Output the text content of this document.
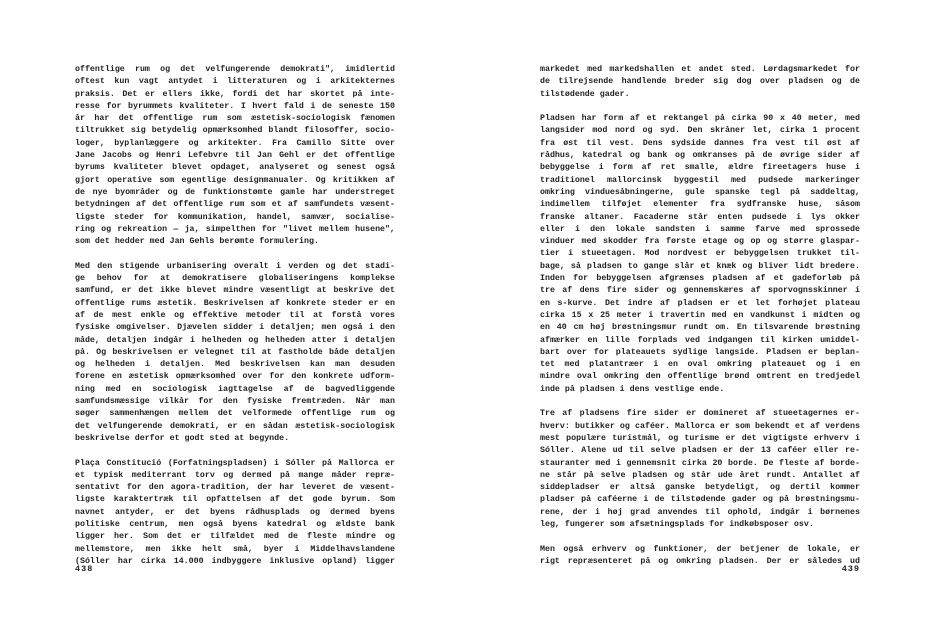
offentlige rum og det velfungerende demokrati", imidlertid
oftest kun vagt antydet i litteraturen og i arkitekternes
praksis. Det er ellers ikke, fordi det har skortet på inte-
resse for byrummets kvaliteter. I hvert fald i de seneste 150
år har det offentlige rum som æstetisk-sociologisk fænomen
tiltrukket sig betydelig opmærksomhed blandt filosoffer, socio-
loger, byplanlæggere og arkitekter. Fra Camillo Sitte over
Jane Jacobs og Henri Lefebvre til Jan Gehl er det offentlige
byrums kvaliteter blevet opdaget, analyseret og senest også
gjort operative som egentlige designmanualer. Og kritikken af
de nye byområder og de funktionstømte gamle har understreget
betydningen af det offentlige rum som et af samfundets væsent-
ligste steder for kommunikation, handel, samvær, socialise-
ring og rekreation — ja, simpelthen for "livet mellem husene",
som det hedder med Jan Gehls berømte formulering.

Med den stigende urbanisering overalt i verden og det stadi-
ge behov for at demokratisere globaliseringens komplekse
samfund, er det ikke blevet mindre væsentligt at beskrive det
offentlige rums æstetik. Beskrivelsen af konkrete steder er en
af de mest enkle og effektive metoder til at forstå vores
fysiske omgivelser. Djævelen sidder i detaljen; men også i den
måde, detaljen indgår i helheden og helheden atter i detaljen
på. Og beskrivelsen er velegnet til at fastholde både detaljen
og helheden i detaljen. Med beskrivelsen kan man desuden
forene en æstetisk opmærksomhed over for den konkrete udform-
ning med en sociologisk iagttagelse af de bagvedliggende
samfundsmæssige vilkår for den fysiske fremtræden. Når man
søger sammenhængen mellem det velformede offentlige rum og
det velfungerende demokrati, er en sådan æstetisk-sociologisk
beskrivelse derfor et godt sted at begynde.

Plaça Constitució (Forfatningspladsen) i Sóller på Mallorca er
et typisk mediterrant torv og dermed på mange måder repræ-
sentativt for den agora-tradition, der har leveret de væsent-
ligste karaktertræk til opfattelsen af det gode byrum. Som
navnet antyder, er det byens rådhusplads og dermed byens
politiske centrum, men også byens katedral og ældste bank
ligger her. Som det er tilfældet med de fleste mindre og
mellemstore, men ikke helt små, byer i Middelhavslandene
(Sóller har cirka 14.000 indbyggere inklusive opland) ligger
438
markedet med markedshallen et andet sted. Lørdagsmarkedet for
de tilrejsende handlende breder sig dog over pladsen og de
tilstødende gader.

Pladsen har form af et rektangel på cirka 90 x 40 meter, med
langsider mod nord og syd. Den skråner let, cirka 1 procent
fra øst til vest. Dens sydside dannes fra vest til øst af
rådhus, katedral og bank og omkranses på de øvrige sider af
bebyggelse i form af ret smalle, ældre fireetagers huse i
traditionel mallorcinsk byggestil med pudsede markeringer
omkring vinduesåbningerne, gule spanske tegl på saddeltag,
indimellem tilføjet elementer fra sydfranske huse, såsom
franske altaner. Facaderne står enten pudsede i lys okker
eller i den lokale sandsten i samme farve med sprossede
vinduer med skodder fra første etage og op og større glaspar-
tier i stueetagen. Mod nordvest er bebyggelsen trukket til-
bage, så pladsen to gange slår et knæk og bliver lidt bredere.
Inden for bebyggelsen afgrænses pladsen af et gadeforløb på
tre af dens fire sider og gennemskæres af sporvognsskinner i
en s-kurve. Det indre af pladsen er et let forhøjet plateau
cirka 15 x 25 meter i travertin med en vandkunst i midten og
en 40 cm høj brøstningsmur rundt om. En tilsvarende brøstning
afmærker en lille forplads ved indgangen til kirken umiddel-
bart over for plateauets sydlige langside. Pladsen er beplan-
tet med platantræer i en oval omkring plateauet og i en
mindre oval omkring den offentlige brønd omtrent en tredjedel
inde på pladsen i dens vestlige ende.

Tre af pladsens fire sider er domineret af stueetagernes er-
hverv: butikker og caféer. Mallorca er som bekendt et af verdens
mest populære turistmål, og turisme er det vigtigste erhverv i
Sóller. Alene ud til selve pladsen er der 13 caféer eller re-
stauranter med i gennemsnit cirka 20 borde. De fleste af borde-
ne står på selve pladsen og står ude året rundt. Antallet af
siddepladser er altså ganske betydeligt, og dertil kommer
pladser på caféerne i de tilstødende gader og på brøstningsmu-
rene, der i høj grad anvendes til ophold, indgår i børnenes
leg, fungerer som afsætningsplads for indkøbsposer osv.

Men også erhverv og funktioner, der betjener de lokale, er
rigt repræsenteret på og omkring pladsen. Der er således ud
439
